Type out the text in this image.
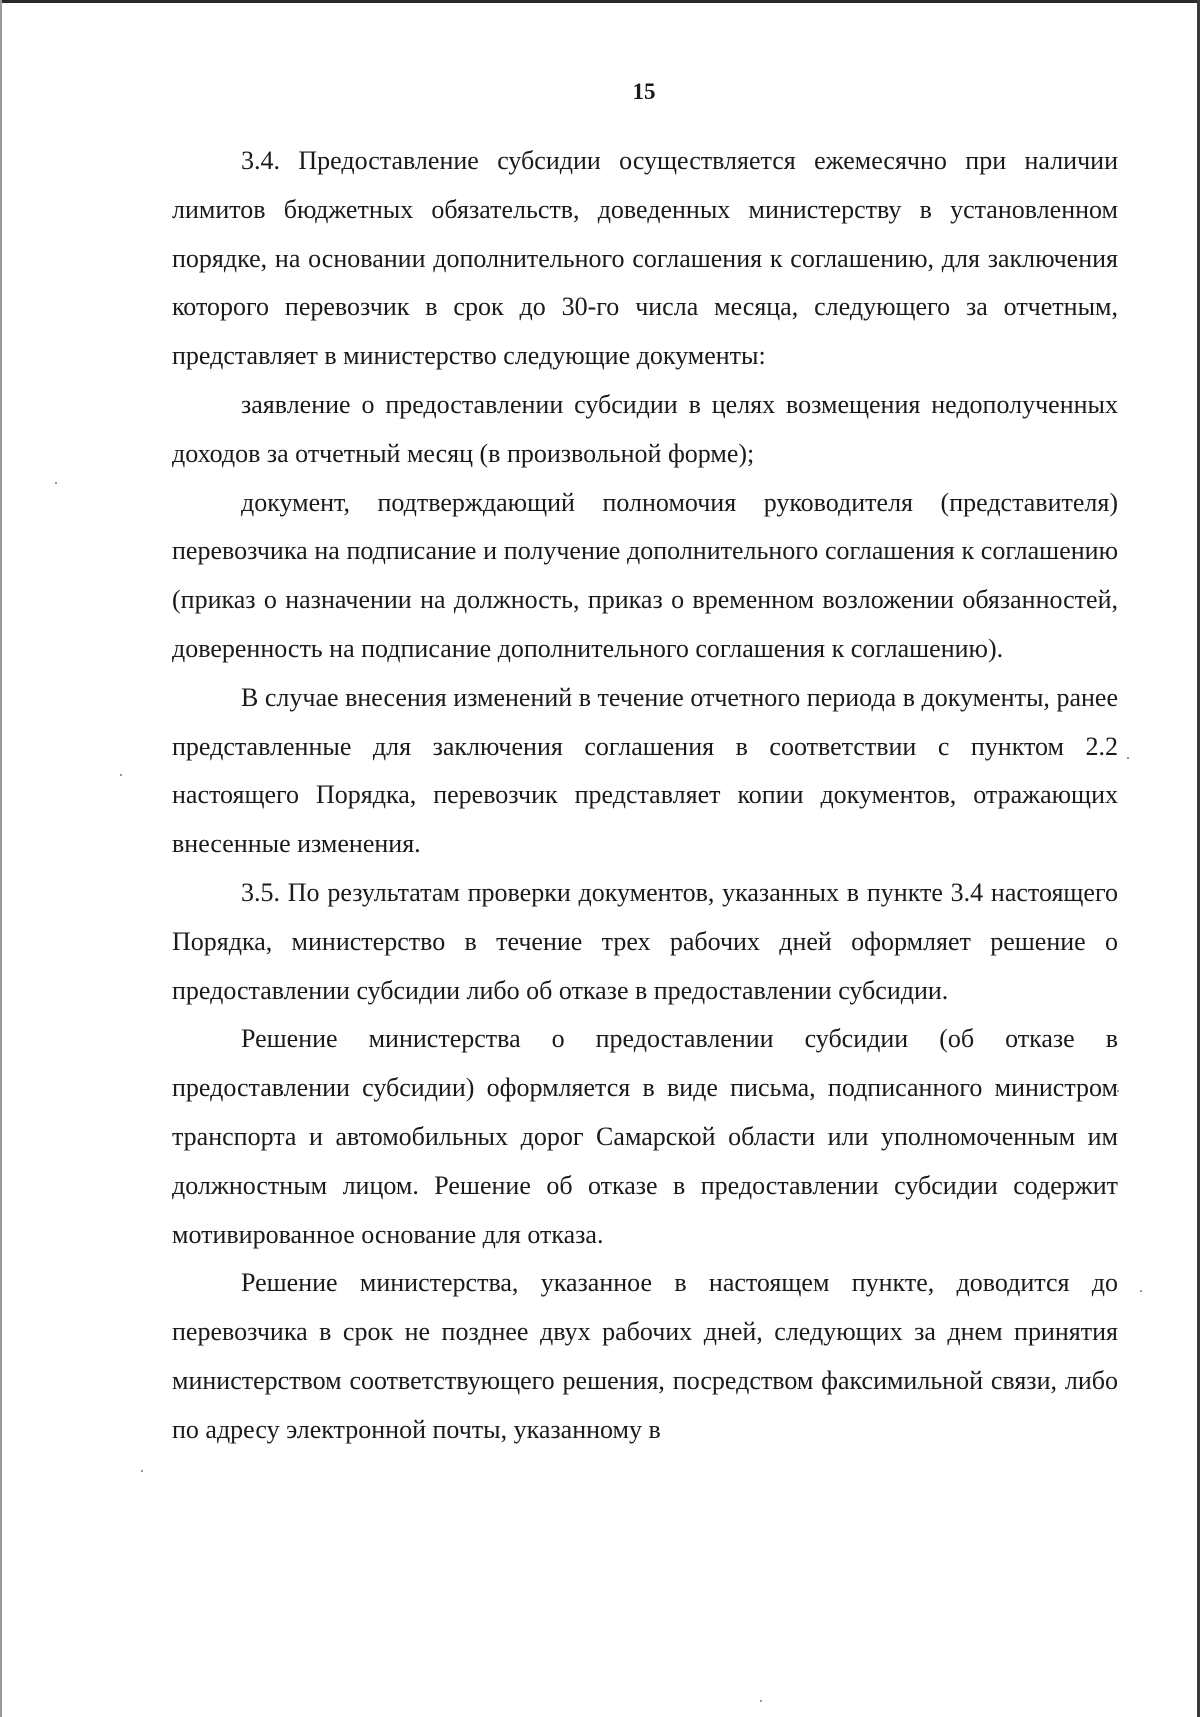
15

3.4. Предоставление субсидии осуществляется ежемесячно при наличии лимитов бюджетных обязательств, доведенных министерству в установленном порядке, на основании дополнительного соглашения к соглашению, для заключения которого перевозчик в срок до 30-го числа месяца, следующего за отчетным, представляет в министерство следующие документы:

заявление о предоставлении субсидии в целях возмещения недополученных доходов за отчетный месяц (в произвольной форме);

документ, подтверждающий полномочия руководителя (представителя) перевозчика на подписание и получение дополнительного соглашения к соглашению (приказ о назначении на должность, приказ о временном возложении обязанностей, доверенность на подписание дополнительного соглашения к соглашению).

В случае внесения изменений в течение отчетного периода в документы, ранее представленные для заключения соглашения в соответствии с пунктом 2.2 настоящего Порядка, перевозчик представляет копии документов, отражающих внесенные изменения.

3.5. По результатам проверки документов, указанных в пункте 3.4 настоящего Порядка, министерство в течение трех рабочих дней оформляет решение о предоставлении субсидии либо об отказе в предоставлении субсидии.

Решение министерства о предоставлении субсидии (об отказе в предоставлении субсидии) оформляется в виде письма, подписанного министром транспорта и автомобильных дорог Самарской области или уполномоченным им должностным лицом. Решение об отказе в предоставлении субсидии содержит мотивированное основание для отказа.

Решение министерства, указанное в настоящем пункте, доводится до перевозчика в срок не позднее двух рабочих дней, следующих за днем принятия министерством соответствующего решения, посредством факсимильной связи, либо по адресу электронной почты, указанному в
